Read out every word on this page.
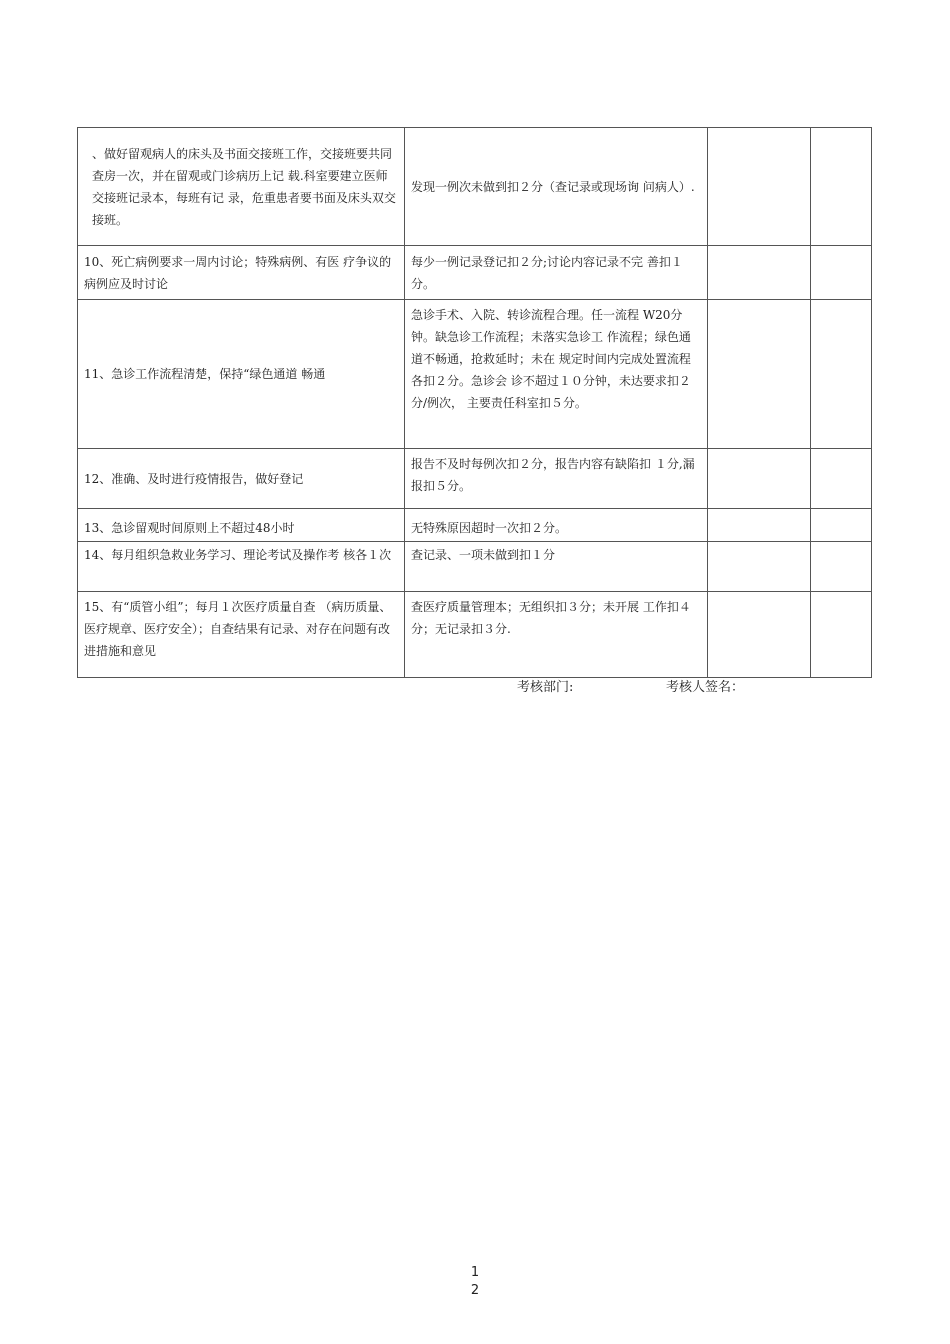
、做好留观病人的床头及书面交接班工作，交接班要共同查房一次，并在留观或门诊病历上记 载.科室要建立医师交接班记录本，每班有记 录，危重患者要书面及床头双交接班。	发现一例次未做到扣２分（查记录或现场询 问病人）.		
10、死亡病例要求一周内讨论；特殊病例、有医 疗争议的病例应及时讨论	每少一例记录登记扣２分;讨论内容记录不完 善扣１分。		
11、急诊工作流程清楚，保持“绿色通道 畅通	急诊手术、入院、转诊流程合理。任一流程 W20分钟。缺急诊工作流程；未落实急诊工 作流程；绿色通道不畅通，抢救延时；未在 规定时间内完成处置流程各扣２分。急诊会 诊不超过１０分钟，未达要求扣２分/例次， 主要责任科室扣５分。		
12、准确、及时进行疫情报告，做好登记	报告不及时每例次扣２分，报告内容有缺陷扣 １分,漏报扣５分。		
13、急诊留观时间原则上不超过48小时	无特殊原因超时一次扣２分。		
14、每月组织急救业务学习、理论考试及操作考 核各１次	查记录、一项未做到扣１分		
15、有“质管小组”；每月１次医疗质量自查 （病历质量、医疗规章、医疗安全）；自查结果有记录、对存在问题有改进措施和意见	查医疗质量管理本；无组织扣３分；未开展 工作扣４分；无记录扣３分.		
考核部门:	考核人签名：
1
2
